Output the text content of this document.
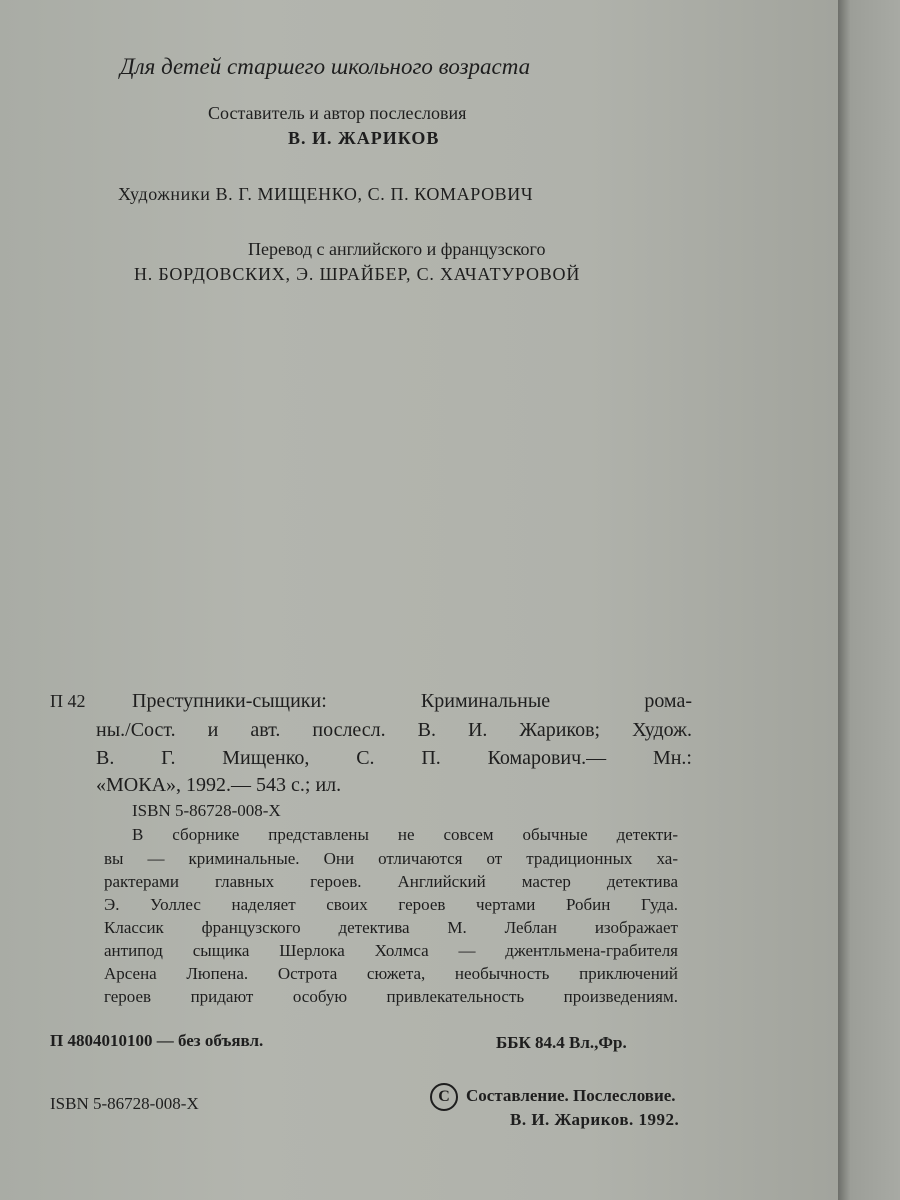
Для детей старшего школьного возраста
Составитель и автор послесловия
В. И. ЖАРИКОВ
Художники В. Г. МИЩЕНКО, С. П. КОМАРОВИЧ
Перевод с английского и французского
Н. БОРДОВСКИХ, Э. ШРАЙБЕР, С. ХАЧАТУРОВОЙ
П 42 Преступники-сыщики: Криминальные рома-
ны./Сост. и авт. послесл. В. И. Жариков; Худож.
В. Г. Мищенко, С. П. Комарович.— Мн.:
«МОКА», 1992.— 543 с.; ил.
ISBN 5-86728-008-X
В сборнике представлены не совсем обычные детекти-
вы — криминальные. Они отличаются от традиционных ха-
рактерами главных героев. Английский мастер детектива
Э. Уоллес наделяет своих героев чертами Робин Гуда.
Классик французского детектива М. Леблан изображает
антипод сыщика Шерлока Холмса — джентльмена-грабителя
Арсена Люпена. Острота сюжета, необычность приключений
героев придают особую привлекательность произведениям.
П 4804010100 — без объявл.	ББК 84.4 Вл.,Фр.
ISBN 5-86728-008-X	C Составление. Послесловие.
В. И. Жариков. 1992.
